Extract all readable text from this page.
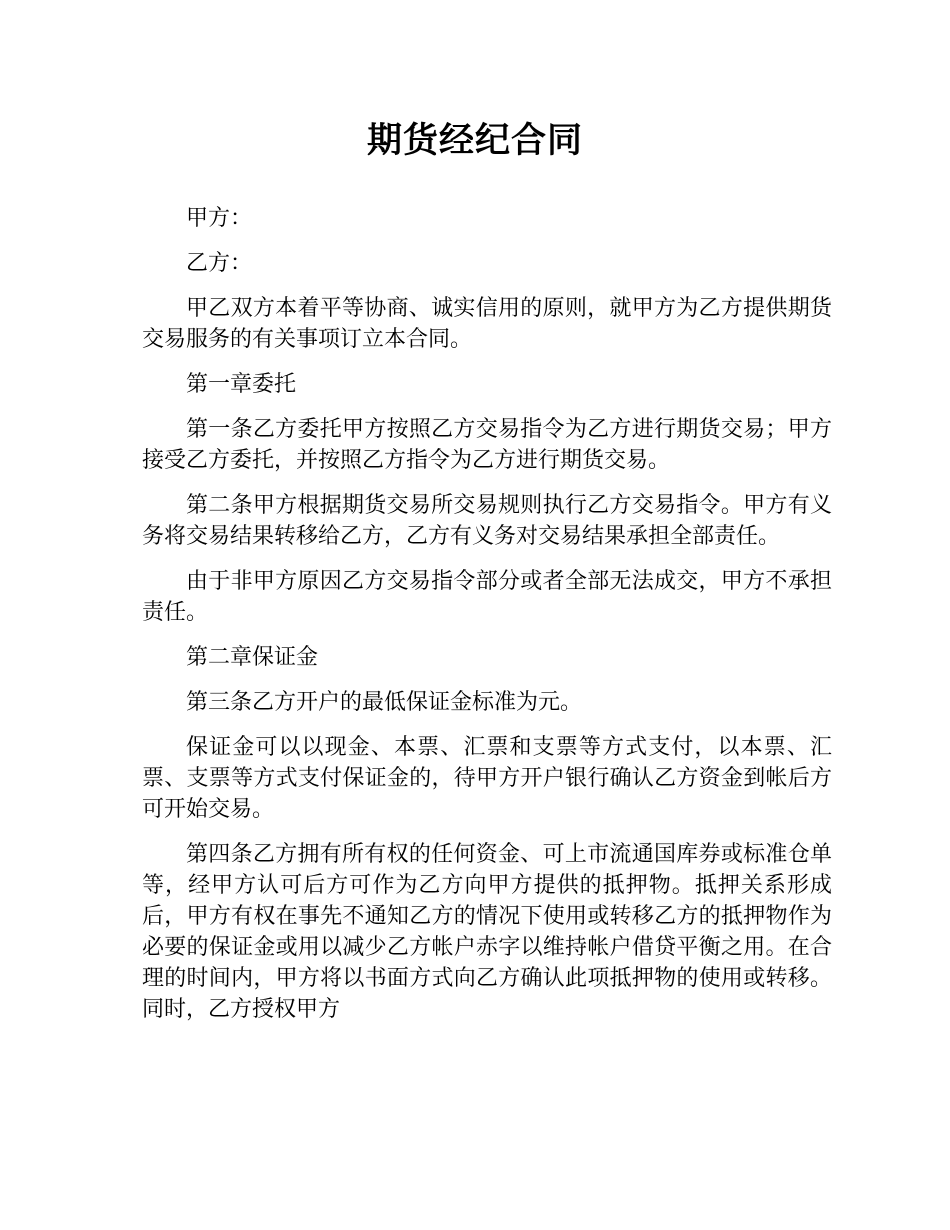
期货经纪合同

甲方：

乙方：

甲乙双方本着平等协商、诚实信用的原则，就甲方为乙方提供期货交易服务的有关事项订立本合同。

第一章委托

第一条乙方委托甲方按照乙方交易指令为乙方进行期货交易；甲方接受乙方委托，并按照乙方指令为乙方进行期货交易。

第二条甲方根据期货交易所交易规则执行乙方交易指令。甲方有义务将交易结果转移给乙方，乙方有义务对交易结果承担全部责任。

由于非甲方原因乙方交易指令部分或者全部无法成交，甲方不承担责任。

第二章保证金

第三条乙方开户的最低保证金标准为元。

保证金可以以现金、本票、汇票和支票等方式支付，以本票、汇票、支票等方式支付保证金的，待甲方开户银行确认乙方资金到帐后方可开始交易。

第四条乙方拥有所有权的任何资金、可上市流通国库券或标准仓单等，经甲方认可后方可作为乙方向甲方提供的抵押物。抵押关系形成后，甲方有权在事先不通知乙方的情况下使用或转移乙方的抵押物作为必要的保证金或用以减少乙方帐户赤字以维持帐户借贷平衡之用。在合理的时间内，甲方将以书面方式向乙方确认此项抵押物的使用或转移。同时，乙方授权甲方
